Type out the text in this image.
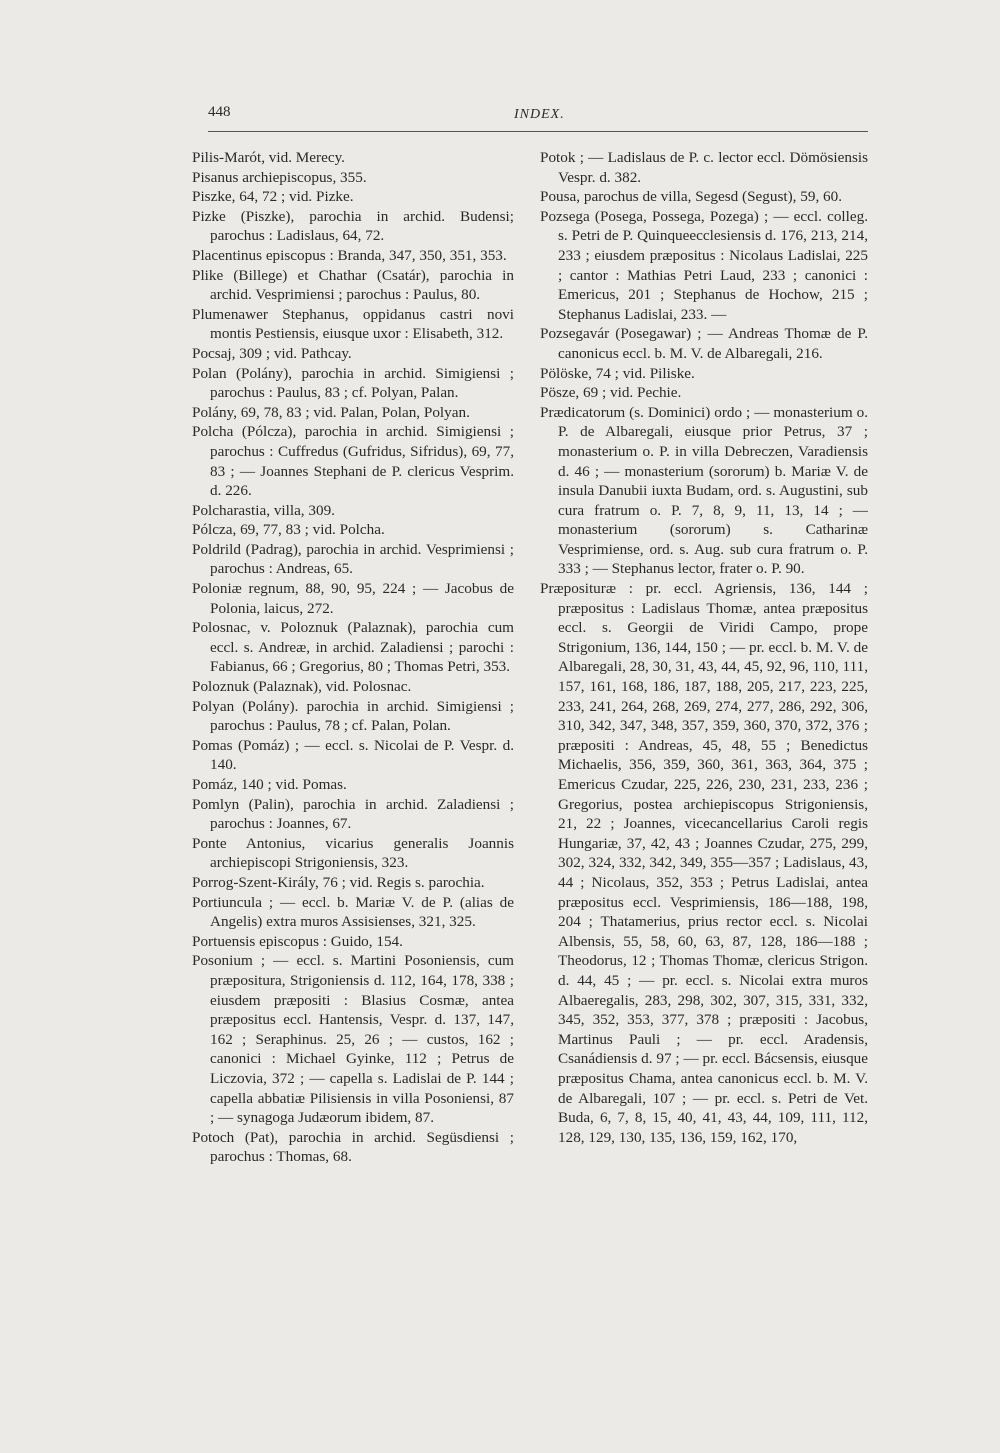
448	INDEX.

Pilis-Marót, vid. Merecy.

Pisanus archiepiscopus, 355.

Piszke, 64, 72 ; vid. Pizke.

Pizke (Piszke), parochia in archid. Budensi; parochus : Ladislaus, 64, 72.

Placentinus episcopus : Branda, 347, 350, 351, 353.

Plike (Billege) et Chathar (Csatár), parochia in archid. Vesprimiensi ; parochus : Paulus, 80.

Plumenawer Stephanus, oppidanus castri novi montis Pestiensis, eiusque uxor : Elisabeth, 312.

Pocsaj, 309 ; vid. Pathcay.

Polan (Polány), parochia in archid. Simigiensi ; parochus : Paulus, 83 ; cf. Polyan, Palan.

Polány, 69, 78, 83 ; vid. Palan, Polan, Polyan.

Polcha (Pólcza), parochia in archid. Simigiensi ; parochus : Cuffredus (Gufridus, Sifridus), 69, 77, 83 ; — Joannes Stephani de P. clericus Vesprim. d. 226.

Polcharastia, villa, 309.

Pólcza, 69, 77, 83 ; vid. Polcha.

Poldrild (Padrag), parochia in archid. Vesprimiensi ; parochus : Andreas, 65.

Poloniæ regnum, 88, 90, 95, 224 ; — Jacobus de Polonia, laicus, 272.

Polosnac, v. Poloznuk (Palaznak), parochia cum eccl. s. Andreæ, in archid. Zaladiensi ; parochi : Fabianus, 66 ; Gregorius, 80 ; Thomas Petri, 353.

Poloznuk (Palaznak), vid. Polosnac.

Polyan (Polány). parochia in archid. Simigiensi ; parochus : Paulus, 78 ; cf. Palan, Polan.

Pomas (Pomáz) ; — eccl. s. Nicolai de P. Vespr. d. 140.

Pomáz, 140 ; vid. Pomas.

Pomlyn (Palin), parochia in archid. Zaladiensi ; parochus : Joannes, 67.

Ponte Antonius, vicarius generalis Joannis archiepiscopi Strigoniensis, 323.

Porrog-Szent-Király, 76 ; vid. Regis s. parochia.

Portiuncula ; — eccl. b. Mariæ V. de P. (alias de Angelis) extra muros Assisienses, 321, 325.

Portuensis episcopus : Guido, 154.

Posonium ; — eccl. s. Martini Posoniensis, cum præpositura, Strigoniensis d. 112, 164, 178, 338 ; eiusdem præpositi : Blasius Cosmæ, antea præpositus eccl. Hantensis, Vespr. d. 137, 147, 162 ; Seraphinus. 25, 26 ; — custos, 162 ; canonici : Michael Gyinke, 112 ; Petrus de Liczovia, 372 ; — capella s. Ladislai de P. 144 ; capella abbatiæ Pilisiensis in villa Posoniensi, 87 ; — synagoga Judæorum ibidem, 87.

Potoch (Pat), parochia in archid. Següsdiensi ; parochus : Thomas, 68.

Potok ; — Ladislaus de P. c. lector eccl. Dömösiensis Vespr. d. 382.

Pousa, parochus de villa, Segesd (Segust), 59, 60.

Pozsega (Posega, Possega, Pozega) ; — eccl. colleg. s. Petri de P. Quinqueecclesiensis d. 176, 213, 214, 233 ; eiusdem præpositus : Nicolaus Ladislai, 225 ; cantor : Mathias Petri Laud, 233 ; canonici : Emericus, 201 ; Stephanus de Hochow, 215 ; Stephanus Ladislai, 233. —

Pozsegavár (Posegawar) ; — Andreas Thomæ de P. canonicus eccl. b. M. V. de Albaregali, 216.

Pölöske, 74 ; vid. Piliske.

Pösze, 69 ; vid. Pechie.

Prædicatorum (s. Dominici) ordo ; — monasterium o. P. de Albaregali, eiusque prior Petrus, 37 ; monasterium o. P. in villa Debreczen, Varadiensis d. 46 ; — monasterium (sororum) b. Mariæ V. de insula Danubii iuxta Budam, ord. s. Augustini, sub cura fratrum o. P. 7, 8, 9, 11, 13, 14 ; — monasterium (sororum) s. Catharinæ Vesprimiense, ord. s. Aug. sub cura fratrum o. P. 333 ; — Stephanus lector, frater o. P. 90.

Præposituræ : pr. eccl. Agriensis, 136, 144 ; præpositus : Ladislaus Thomæ, antea præpositus eccl. s. Georgii de Viridi Campo, prope Strigonium, 136, 144, 150 ; — pr. eccl. b. M. V. de Albaregali, 28, 30, 31, 43, 44, 45, 92, 96, 110, 111, 157, 161, 168, 186, 187, 188, 205, 217, 223, 225, 233, 241, 264, 268, 269, 274, 277, 286, 292, 306, 310, 342, 347, 348, 357, 359, 360, 370, 372, 376 ; præpositi : Andreas, 45, 48, 55 ; Benedictus Michaelis, 356, 359, 360, 361, 363, 364, 375 ; Emericus Czudar, 225, 226, 230, 231, 233, 236 ; Gregorius, postea archiepiscopus Strigoniensis, 21, 22 ; Joannes, vicecancellarius Caroli regis Hungariæ, 37, 42, 43 ; Joannes Czudar, 275, 299, 302, 324, 332, 342, 349, 355—357 ; Ladislaus, 43, 44 ; Nicolaus, 352, 353 ; Petrus Ladislai, antea præpositus eccl. Vesprimiensis, 186—188, 198, 204 ; Thatamerius, prius rector eccl. s. Nicolai Albensis, 55, 58, 60, 63, 87, 128, 186—188 ; Theodorus, 12 ; Thomas Thomæ, clericus Strigon. d. 44, 45 ; — pr. eccl. s. Nicolai extra muros Albaeregalis, 283, 298, 302, 307, 315, 331, 332, 345, 352, 353, 377, 378 ; præpositi : Jacobus, Martinus Pauli ; — pr. eccl. Aradensis, Csanádiensis d. 97 ; — pr. eccl. Bácsensis, eiusque præpositus Chama, antea canonicus eccl. b. M. V. de Albaregali, 107 ; — pr. eccl. s. Petri de Vet. Buda, 6, 7, 8, 15, 40, 41, 43, 44, 109, 111, 112, 128, 129, 130, 135, 136, 159, 162, 170,
